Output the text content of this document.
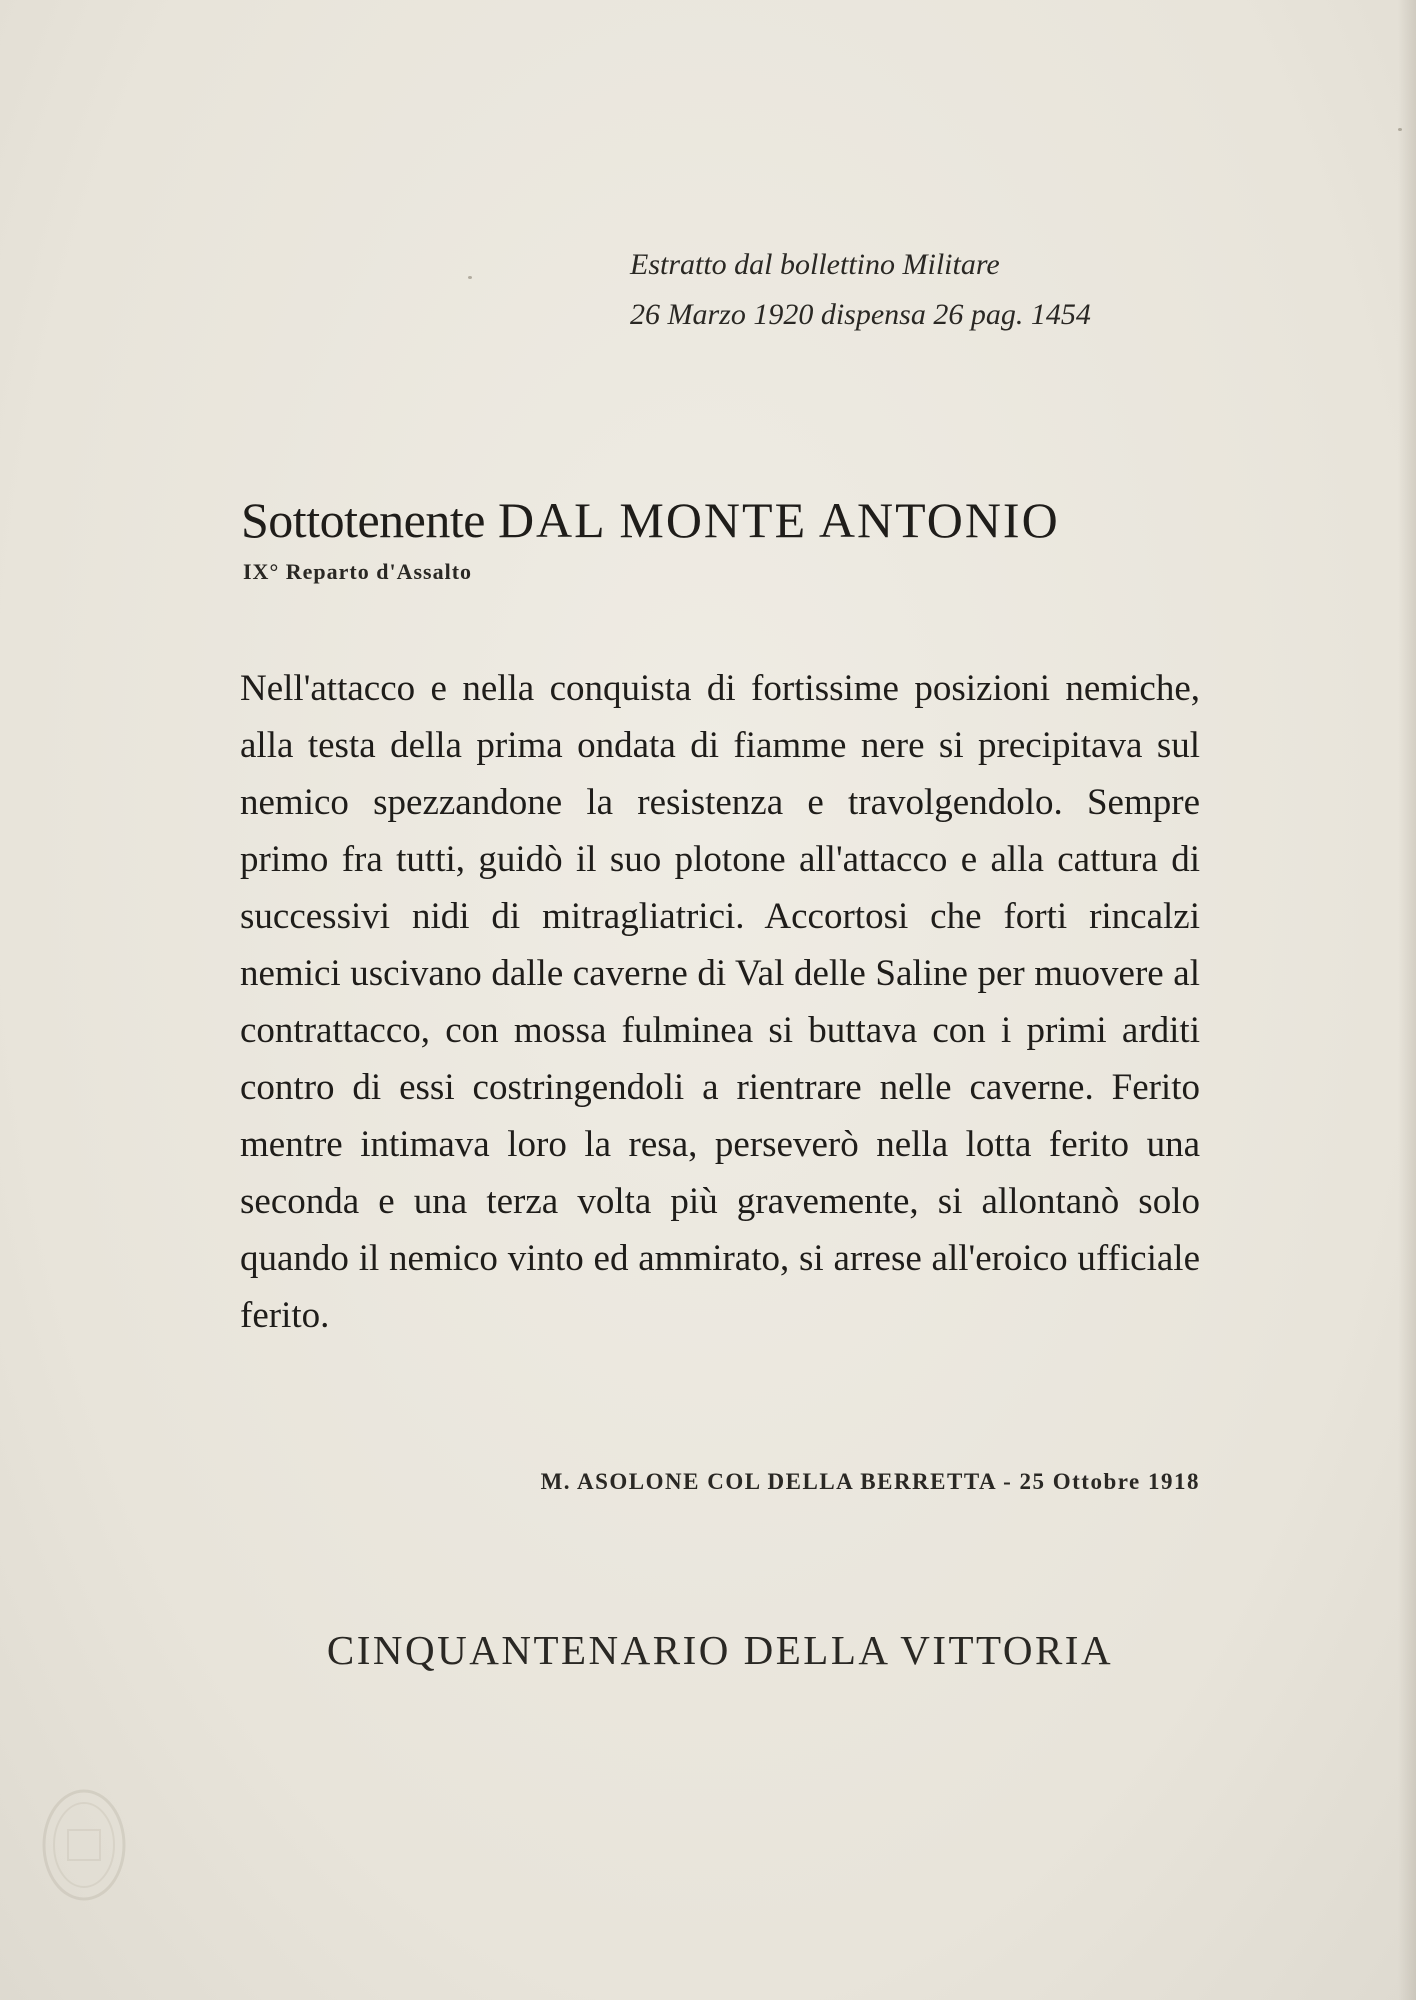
Estratto dal bollettino Militare
26 Marzo 1920 dispensa 26 pag. 1454
Sottotenente DAL MONTE ANTONIO
IX° Reparto d'Assalto
Nell'attacco e nella conquista di fortissime posizioni nemiche, alla testa della prima ondata di fiamme nere si precipitava sul nemico spezzandone la resistenza e travolgendolo. Sempre primo fra tutti, guidò il suo plotone all'attacco e alla cattura di successivi nidi di mitragliatrici. Accortosi che forti rincalzi nemici uscivano dalle caverne di Val delle Saline per muovere al contrattacco, con mossa fulminea si buttava con i primi arditi contro di essi costringendoli a rientrare nelle caverne. Ferito mentre intimava loro la resa, perseverò nella lotta ferito una seconda e una terza volta più gravemente, si allontanò solo quando il nemico vinto ed ammirato, si arrese all'eroico ufficiale ferito.
M. ASOLONE COL DELLA BERRETTA - 25 Ottobre 1918
CINQUANTENARIO DELLA VITTORIA
